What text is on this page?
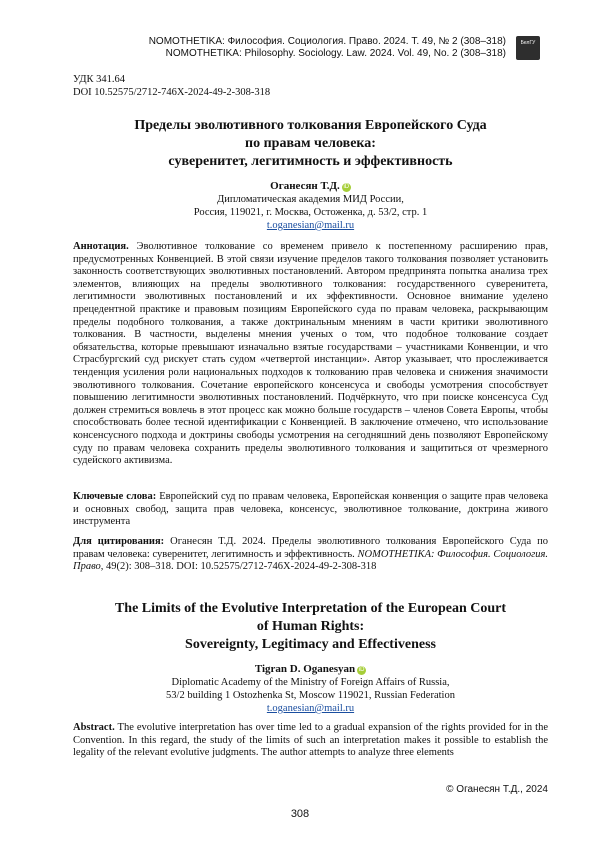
NOMOTHETIKA: Философия. Социология. Право. 2024. Т. 49, № 2 (308–318)
NOMOTHETIKA: Philosophy. Sociology. Law. 2024. Vol. 49, No. 2 (308–318)
БелГУ
УДК 341.64
DOI 10.52575/2712-746X-2024-49-2-308-318
Пределы эволютивного толкования Европейского Суда
по правам человека:
суверенитет, легитимность и эффективность
Оганесян Т.Д. iD
Дипломатическая академия МИД России,
Россия, 119021, г. Москва, Остоженка, д. 53/2, стр. 1
t.oganesian@mail.ru
Аннотация. Эволютивное толкование со временем привело к постепенному расширению прав, предусмотренных Конвенцией. В этой связи изучение пределов такого толкования позволяет установить законность соответствующих эволютивных постановлений. Автором предпринята попытка анализа трех элементов, влияющих на пределы эволютивного толкования: государственного суверенитета, легитимности эволютивных постановлений и их эффективности. Основное внимание уделено прецедентной практике и правовым позициям Европейского суда по правам человека, раскрывающим пределы подобного толкования, а также доктринальным мнениям в части критики эволютивного толкования. В частности, выделены мнения ученых о том, что подобное толкование создает обязательства, которые превышают изначально взятые государствами – участниками Конвенции, и что Страсбургский суд рискует стать судом «четвертой инстанции». Автор указывает, что прослеживается тенденция усиления роли национальных подходов к толкованию прав человека и снижения значимости эволютивного толкования. Сочетание европейского консенсуса и свободы усмотрения способствует повышению легитимности эволютивных постановлений. Подчёркнуто, что при поиске консенсуса Суд должен стремиться вовлечь в этот процесс как можно больше государств – членов Совета Европы, чтобы способствовать более тесной идентификации с Конвенцией. В заключение отмечено, что использование консенсусного подхода и доктрины свободы усмотрения на сегодняшний день позволяют Европейскому суду по правам человека сохранить пределы эволютивного толкования и защититься от чрезмерного судейского активизма.
Ключевые слова: Европейский суд по правам человека, Европейская конвенция о защите прав человека и основных свобод, защита прав человека, консенсус, эволютивное толкование, доктрина живого инструмента
Для цитирования: Оганесян Т.Д. 2024. Пределы эволютивного толкования Европейского Суда по правам человека: суверенитет, легитимность и эффективность. NOMOTHETIKA: Философия. Социология. Право, 49(2): 308–318. DOI: 10.52575/2712-746X-2024-49-2-308-318
The Limits of the Evolutive Interpretation of the European Court
of Human Rights:
Sovereignty, Legitimacy and Effectiveness
Tigran D. Oganesyan iD
Diplomatic Academy of the Ministry of Foreign Affairs of Russia,
53/2 building 1 Ostozhenka St, Moscow 119021, Russian Federation
t.oganesian@mail.ru
Abstract. The evolutive interpretation has over time led to a gradual expansion of the rights provided for in the Convention. In this regard, the study of the limits of such an interpretation makes it possible to establish the legality of the relevant evolutive judgments. The author attempts to analyze three elements
© Оганесян Т.Д., 2024
308
